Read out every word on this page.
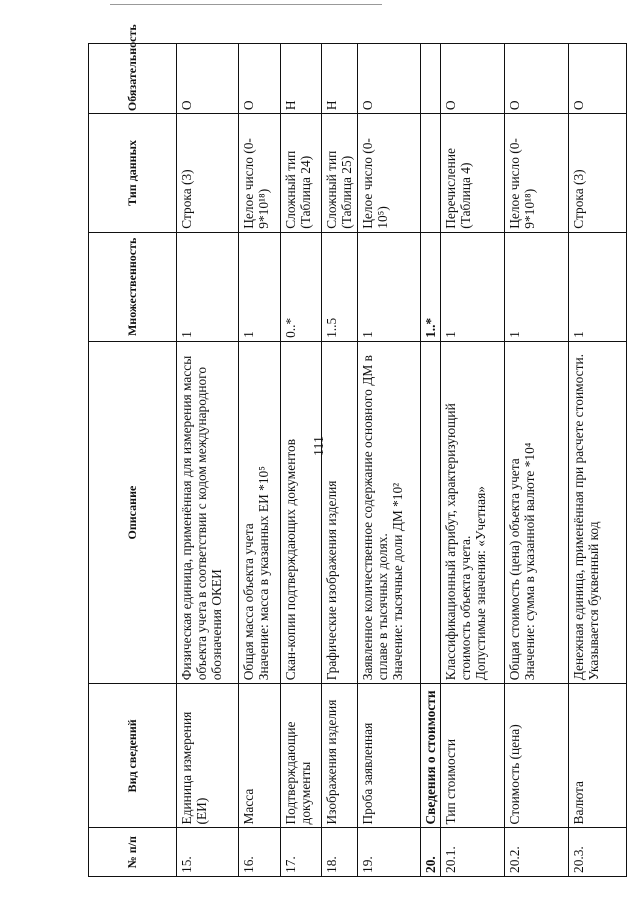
111
№ п/п	Вид сведений	Описание	Множественность	Тип данных	Обязательность
15.	Единица измерения (ЕИ)	Физическая единица, применённая для измерения массы объекта учета в соответствии с кодом международного обозначения ОКЕИ	1	Строка (3)	О
16.	Масса	Общая масса объекта учета Значение: масса в указанных ЕИ *10⁵	1	Целое число (0-9*10¹⁸)	О
17.	Подтверждающие документы	Скан-копии подтверждающих документов	0..*	Сложный тип (Таблица 24)	Н
18.	Изображения изделия	Графические изображения изделия	1..5	Сложный тип (Таблица 25)	Н
19.	Проба заявленная	Заявленное количественное содержание основного ДМ в сплаве в тысячных долях. Значение: тысячные доли ДМ *10²	1	Целое число (0-10⁵)	О
20.	Сведения о стоимости		1..*		
20.1.	Тип стоимости	Классификационный атрибут, характеризующий стоимость объекта учета. Допустимые значения: «Учетная»	1	Перечисление (Таблица 4)	О
20.2.	Стоимость (цена)	Общая стоимость (цена) объекта учета Значение: сумма в указанной валюте *10⁴	1	Целое число (0-9*10¹⁸)	О
20.3.	Валюта	Денежная единица, применённая при расчете стоимости. Указывается буквенный код	1	Строка (3)	О
